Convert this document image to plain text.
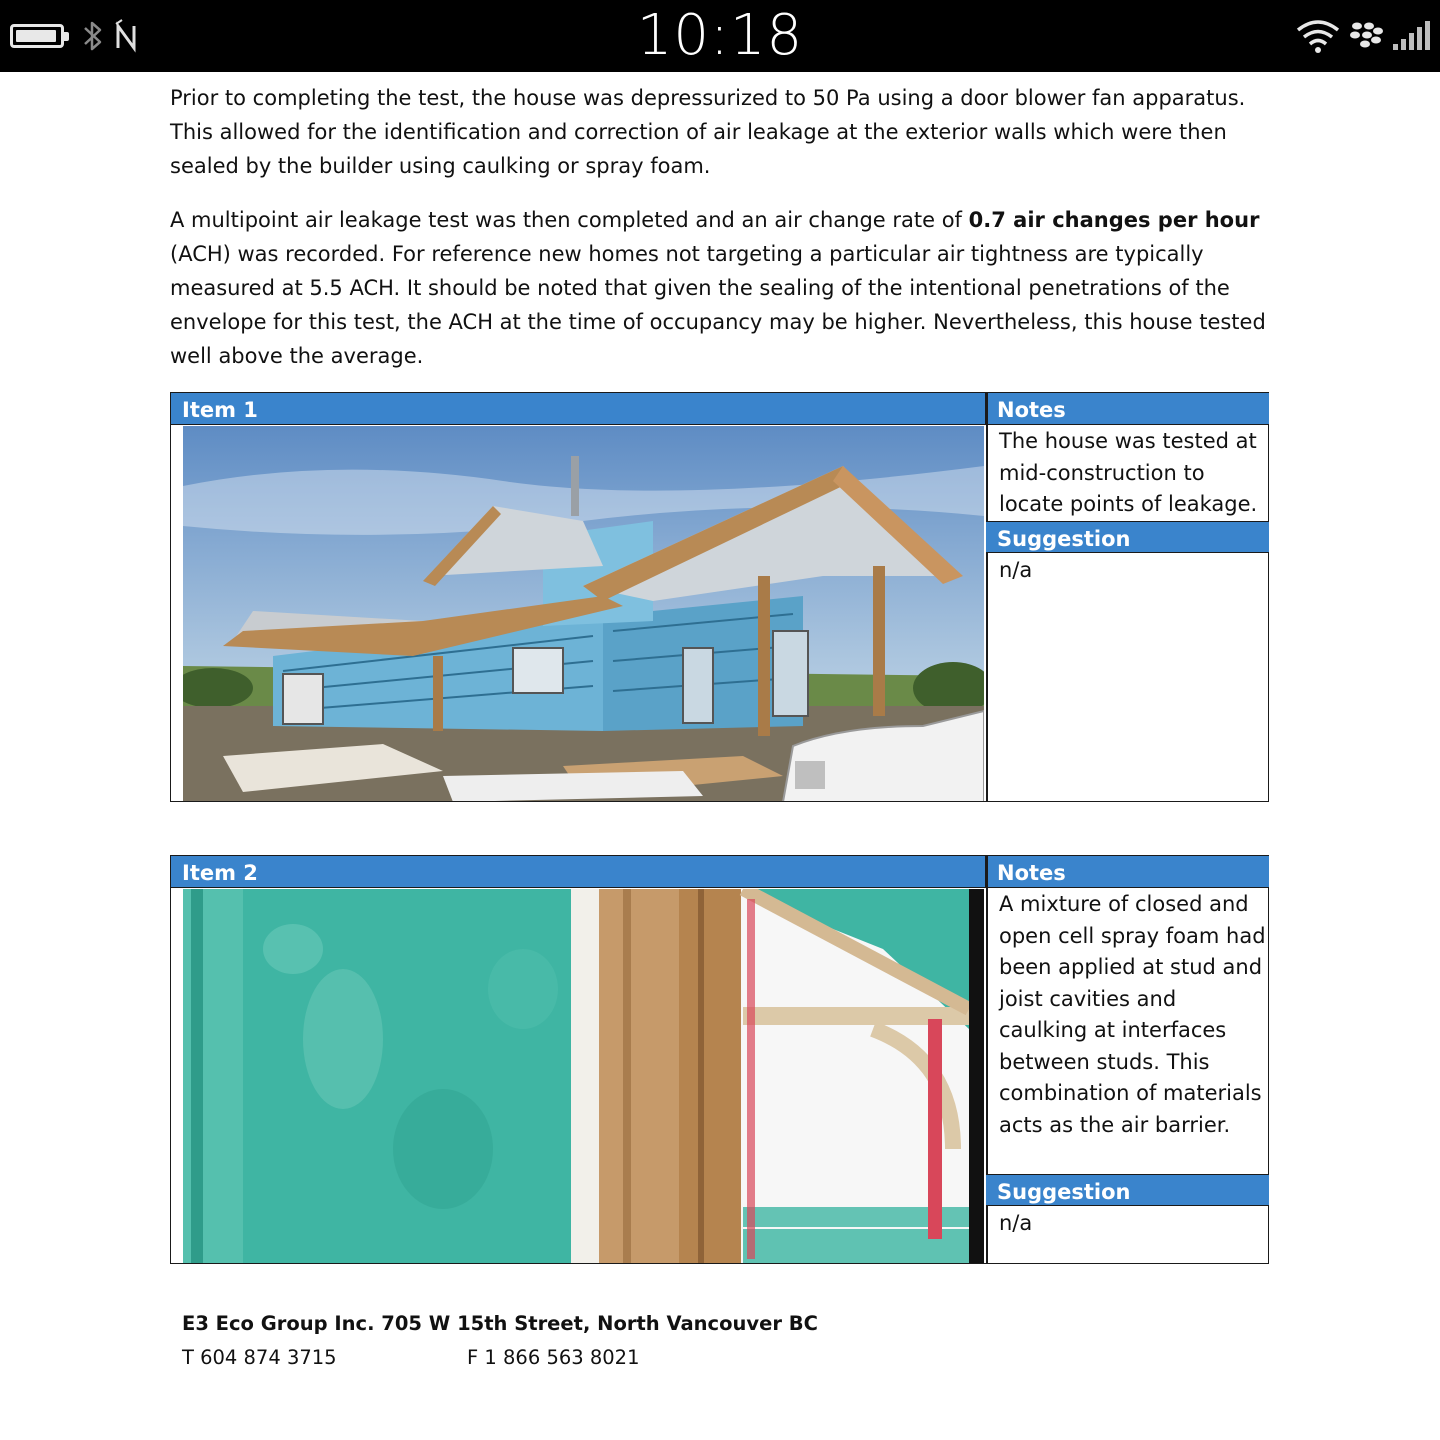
10:18

Prior to completing the test, the house was depressurized to 50 Pa using a door blower fan apparatus. This allowed for the identification and correction of air leakage at the exterior walls which were then sealed by the builder using caulking or spray foam.

A multipoint air leakage test was then completed and an air change rate of 0.7 air changes per hour (ACH) was recorded. For reference new homes not targeting a particular air tightness are typically measured at 5.5 ACH. It should be noted that given the sealing of the intentional penetrations of the envelope for this test, the ACH at the time of occupancy may be higher. Nevertheless, this house tested well above the average.

Item 1	Notes
The house was tested at mid-construction to locate points of leakage.
Suggestion
n/a
Item 2	Notes
A mixture of closed and open cell spray foam had been applied at stud and joist cavities and caulking at interfaces between studs. This combination of materials acts as the air barrier.
Suggestion
n/a
E3 Eco Group Inc. 705 W 15th Street, North Vancouver BC
T 604 874 3715	F 1 866 563 8021
